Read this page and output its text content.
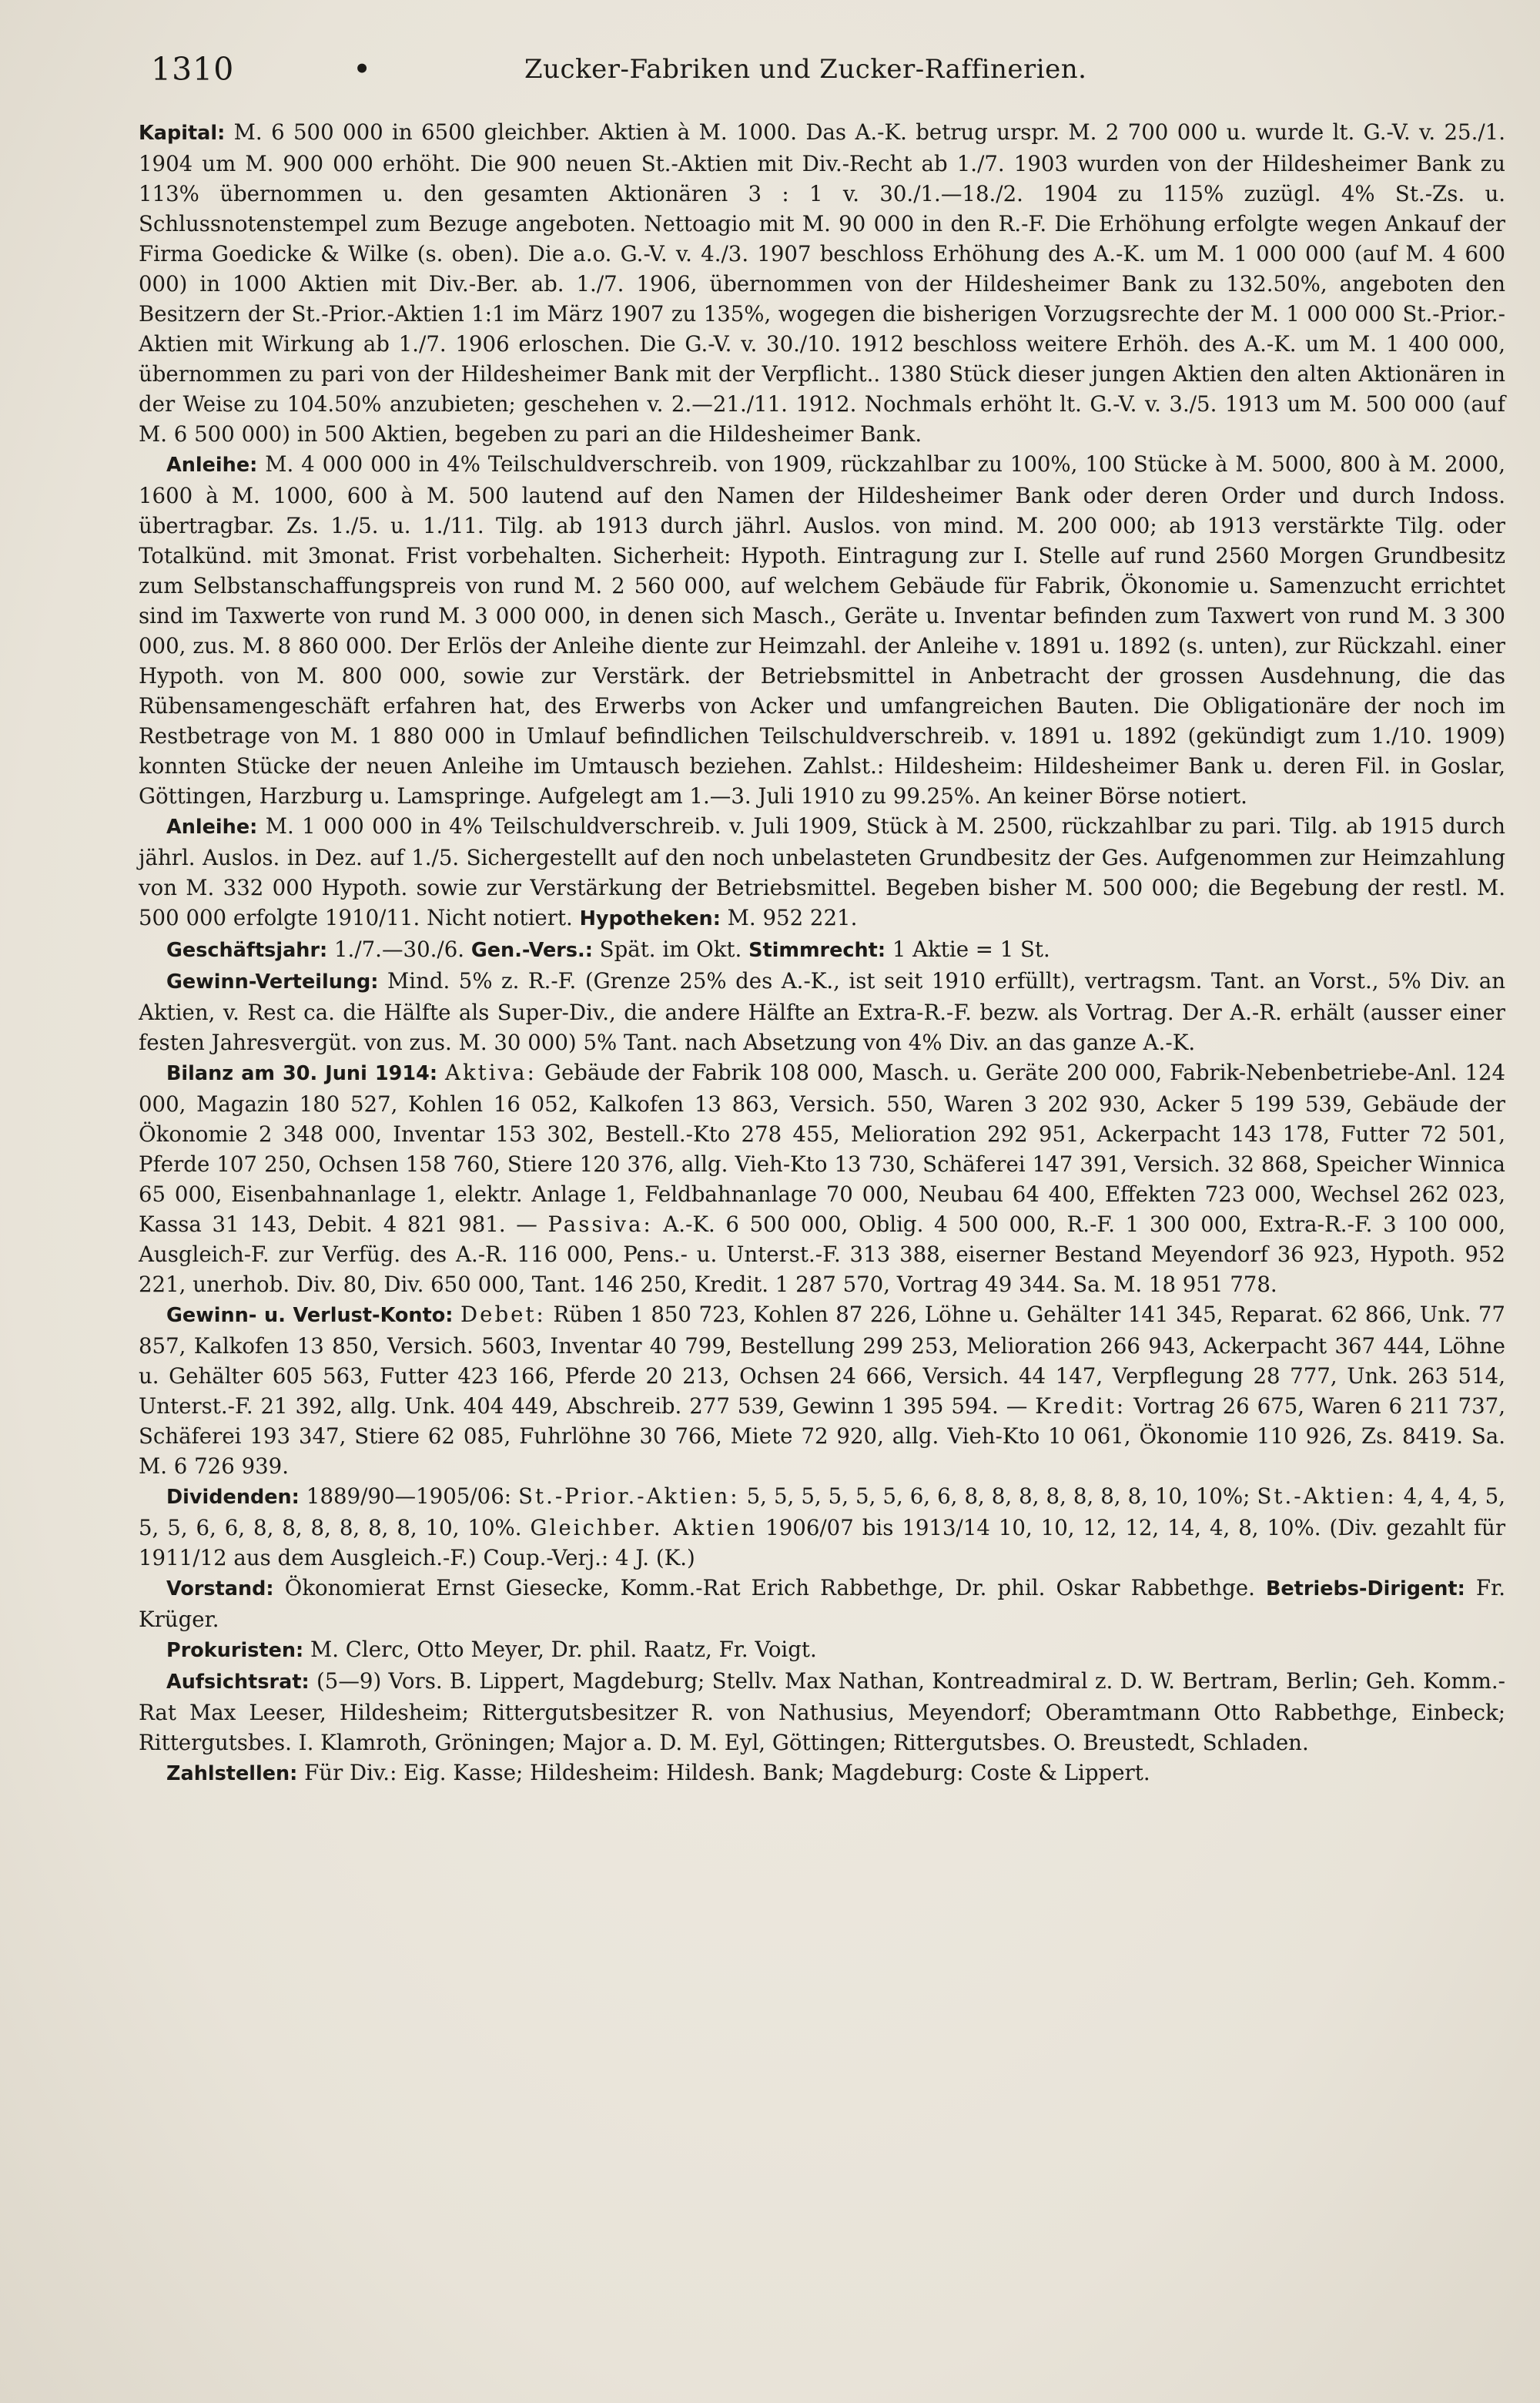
1310	•	Zucker-Fabriken und Zucker-Raffinerien.

Kapital: M. 6 500 000 in 6500 gleichber. Aktien à M. 1000. Das A.-K. betrug urspr. M. 2 700 000 u. wurde lt. G.-V. v. 25./1. 1904 um M. 900 000 erhöht. Die 900 neuen St.-Aktien mit Div.-Recht ab 1./7. 1903 wurden von der Hildesheimer Bank zu 113% übernommen u. den gesamten Aktionären 3 : 1 v. 30./1.—18./2. 1904 zu 115% zuzügl. 4% St.-Zs. u. Schlussnotenstempel zum Bezuge angeboten. Nettoagio mit M. 90 000 in den R.-F. Die Erhöhung erfolgte wegen Ankauf der Firma Goedicke & Wilke (s. oben). Die a.o. G.-V. v. 4./3. 1907 beschloss Erhöhung des A.-K. um M. 1 000 000 (auf M. 4 600 000) in 1000 Aktien mit Div.-Ber. ab. 1./7. 1906, übernommen von der Hildesheimer Bank zu 132.50%, angeboten den Besitzern der St.-Prior.-Aktien 1:1 im März 1907 zu 135%, wogegen die bisherigen Vorzugsrechte der M. 1 000 000 St.-Prior.-Aktien mit Wirkung ab 1./7. 1906 erloschen. Die G.-V. v. 30./10. 1912 beschloss weitere Erhöh. des A.-K. um M. 1 400 000, übernommen zu pari von der Hildesheimer Bank mit der Verpflicht.. 1380 Stück dieser jungen Aktien den alten Aktionären in der Weise zu 104.50% anzubieten; geschehen v. 2.—21./11. 1912. Nochmals erhöht lt. G.-V. v. 3./5. 1913 um M. 500 000 (auf M. 6 500 000) in 500 Aktien, begeben zu pari an die Hildesheimer Bank.

Anleihe: M. 4 000 000 in 4% Teilschuldverschreib. von 1909, rückzahlbar zu 100%, 100 Stücke à M. 5000, 800 à M. 2000, 1600 à M. 1000, 600 à M. 500 lautend auf den Namen der Hildesheimer Bank oder deren Order und durch Indoss. übertragbar. Zs. 1./5. u. 1./11. Tilg. ab 1913 durch jährl. Auslos. von mind. M. 200 000; ab 1913 verstärkte Tilg. oder Totalkünd. mit 3monat. Frist vorbehalten. Sicherheit: Hypoth. Eintragung zur I. Stelle auf rund 2560 Morgen Grundbesitz zum Selbstanschaffungspreis von rund M. 2 560 000, auf welchem Gebäude für Fabrik, Ökonomie u. Samenzucht errichtet sind im Taxwerte von rund M. 3 000 000, in denen sich Masch., Geräte u. Inventar befinden zum Taxwert von rund M. 3 300 000, zus. M. 8 860 000. Der Erlös der Anleihe diente zur Heimzahl. der Anleihe v. 1891 u. 1892 (s. unten), zur Rückzahl. einer Hypoth. von M. 800 000, sowie zur Verstärk. der Betriebsmittel in Anbetracht der grossen Ausdehnung, die das Rübensamengeschäft erfahren hat, des Erwerbs von Acker und umfangreichen Bauten. Die Obligationäre der noch im Restbetrage von M. 1 880 000 in Umlauf befindlichen Teilschuldverschreib. v. 1891 u. 1892 (gekündigt zum 1./10. 1909) konnten Stücke der neuen Anleihe im Umtausch beziehen. Zahlst.: Hildesheim: Hildesheimer Bank u. deren Fil. in Goslar, Göttingen, Harzburg u. Lamspringe. Aufgelegt am 1.—3. Juli 1910 zu 99.25%. An keiner Börse notiert.

Anleihe: M. 1 000 000 in 4% Teilschuldverschreib. v. Juli 1909, Stück à M. 2500, rückzahlbar zu pari. Tilg. ab 1915 durch jährl. Auslos. in Dez. auf 1./5. Sichergestellt auf den noch unbelasteten Grundbesitz der Ges. Aufgenommen zur Heimzahlung von M. 332 000 Hypoth. sowie zur Verstärkung der Betriebsmittel. Begeben bisher M. 500 000; die Begebung der restl. M. 500 000 erfolgte 1910/11. Nicht notiert. Hypotheken: M. 952 221.

Geschäftsjahr: 1./7.—30./6. Gen.-Vers.: Spät. im Okt. Stimmrecht: 1 Aktie = 1 St.

Gewinn-Verteilung: Mind. 5% z. R.-F. (Grenze 25% des A.-K., ist seit 1910 erfüllt), vertragsm. Tant. an Vorst., 5% Div. an Aktien, v. Rest ca. die Hälfte als Super-Div., die andere Hälfte an Extra-R.-F. bezw. als Vortrag. Der A.-R. erhält (ausser einer festen Jahresvergüt. von zus. M. 30 000) 5% Tant. nach Absetzung von 4% Div. an das ganze A.-K.

Bilanz am 30. Juni 1914: Aktiva: Gebäude der Fabrik 108 000, Masch. u. Geräte 200 000, Fabrik-Nebenbetriebe-Anl. 124 000, Magazin 180 527, Kohlen 16 052, Kalkofen 13 863, Versich. 550, Waren 3 202 930, Acker 5 199 539, Gebäude der Ökonomie 2 348 000, Inventar 153 302, Bestell.-Kto 278 455, Melioration 292 951, Ackerpacht 143 178, Futter 72 501, Pferde 107 250, Ochsen 158 760, Stiere 120 376, allg. Vieh-Kto 13 730, Schäferei 147 391, Versich. 32 868, Speicher Winnica 65 000, Eisenbahnanlage 1, elektr. Anlage 1, Feldbahnanlage 70 000, Neubau 64 400, Effekten 723 000, Wechsel 262 023, Kassa 31 143, Debit. 4 821 981. — Passiva: A.-K. 6 500 000, Oblig. 4 500 000, R.-F. 1 300 000, Extra-R.-F. 3 100 000, Ausgleich-F. zur Verfüg. des A.-R. 116 000, Pens.- u. Unterst.-F. 313 388, eiserner Bestand Meyendorf 36 923, Hypoth. 952 221, unerhob. Div. 80, Div. 650 000, Tant. 146 250, Kredit. 1 287 570, Vortrag 49 344. Sa. M. 18 951 778.

Gewinn- u. Verlust-Konto: Debet: Rüben 1 850 723, Kohlen 87 226, Löhne u. Gehälter 141 345, Reparat. 62 866, Unk. 77 857, Kalkofen 13 850, Versich. 5603, Inventar 40 799, Bestellung 299 253, Melioration 266 943, Ackerpacht 367 444, Löhne u. Gehälter 605 563, Futter 423 166, Pferde 20 213, Ochsen 24 666, Versich. 44 147, Verpflegung 28 777, Unk. 263 514, Unterst.-F. 21 392, allg. Unk. 404 449, Abschreib. 277 539, Gewinn 1 395 594. — Kredit: Vortrag 26 675, Waren 6 211 737, Schäferei 193 347, Stiere 62 085, Fuhrlöhne 30 766, Miete 72 920, allg. Vieh-Kto 10 061, Ökonomie 110 926, Zs. 8419. Sa. M. 6 726 939.

Dividenden: 1889/90—1905/06: St.-Prior.-Aktien: 5, 5, 5, 5, 5, 5, 6, 6, 8, 8, 8, 8, 8, 8, 8, 10, 10%; St.-Aktien: 4, 4, 4, 5, 5, 5, 6, 6, 8, 8, 8, 8, 8, 8, 10, 10%. Gleichber. Aktien 1906/07 bis 1913/14 10, 10, 12, 12, 14, 4, 8, 10%. (Div. gezahlt für 1911/12 aus dem Ausgleich.-F.) Coup.-Verj.: 4 J. (K.)

Vorstand: Ökonomierat Ernst Giesecke, Komm.-Rat Erich Rabbethge, Dr. phil. Oskar Rabbethge. Betriebs-Dirigent: Fr. Krüger.

Prokuristen: M. Clerc, Otto Meyer, Dr. phil. Raatz, Fr. Voigt.

Aufsichtsrat: (5—9) Vors. B. Lippert, Magdeburg; Stellv. Max Nathan, Kontreadmiral z. D. W. Bertram, Berlin; Geh. Komm.-Rat Max Leeser, Hildesheim; Rittergutsbesitzer R. von Nathusius, Meyendorf; Oberamtmann Otto Rabbethge, Einbeck; Rittergutsbes. I. Klamroth, Gröningen; Major a. D. M. Eyl, Göttingen; Rittergutsbes. O. Breustedt, Schladen.

Zahlstellen: Für Div.: Eig. Kasse; Hildesheim: Hildesh. Bank; Magdeburg: Coste & Lippert.
